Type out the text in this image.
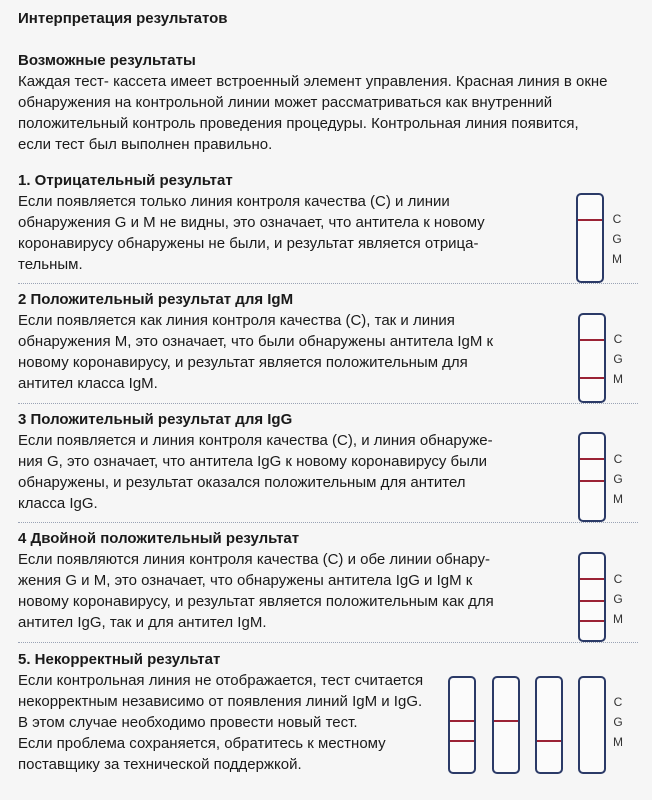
Интерпретация результатов

Возможные результаты

Каждая тест- кассета имеет встроенный элемент управления. Красная линия в окне
обнаружения на контрольной линии может рассматриваться как внутренний
положительный контроль проведения процедуры. Контрольная линия появится,
если тест был выполнен правильно.

1. Отрицательный результат

Если появляется только линия контроля качества (C) и линии
обнаружения G и M не видны, это означает, что антитела к новому
коронавирусу обнаружены не были, и результат является отрица-
тельным.

C
G
M

2 Положительный результат для IgM

Если появляется как линия контроля качества (C), так и линия
обнаружения M, это означает, что были обнаружены антитела IgM к
новому коронавирусу, и результат является положительным для
антител класса IgM.

C
G
M

3 Положительный результат для IgG

Если появляется и линия контроля качества (C), и линия обнаруже-
ния G, это означает, что антитела IgG к новому коронавирусу были
обнаружены, и результат оказался положительным для антител
класса IgG.

C
G
M

4 Двойной положительный результат

Если появляются линия контроля качества (C) и обе линии обнару-
жения G и M, это означает, что обнаружены антитела IgG и IgM к
новому коронавирусу, и результат является положительным как для
антител IgG, так и для антител IgM.

C
G
M

5. Некорректный результат

Если контрольная линия не отображается, тест считается
некорректным независимо от появления линий IgM и IgG.
В этом случае необходимо провести новый тест.
Если проблема сохраняется, обратитесь к местному
поставщику за технической поддержкой.

C
G
M
